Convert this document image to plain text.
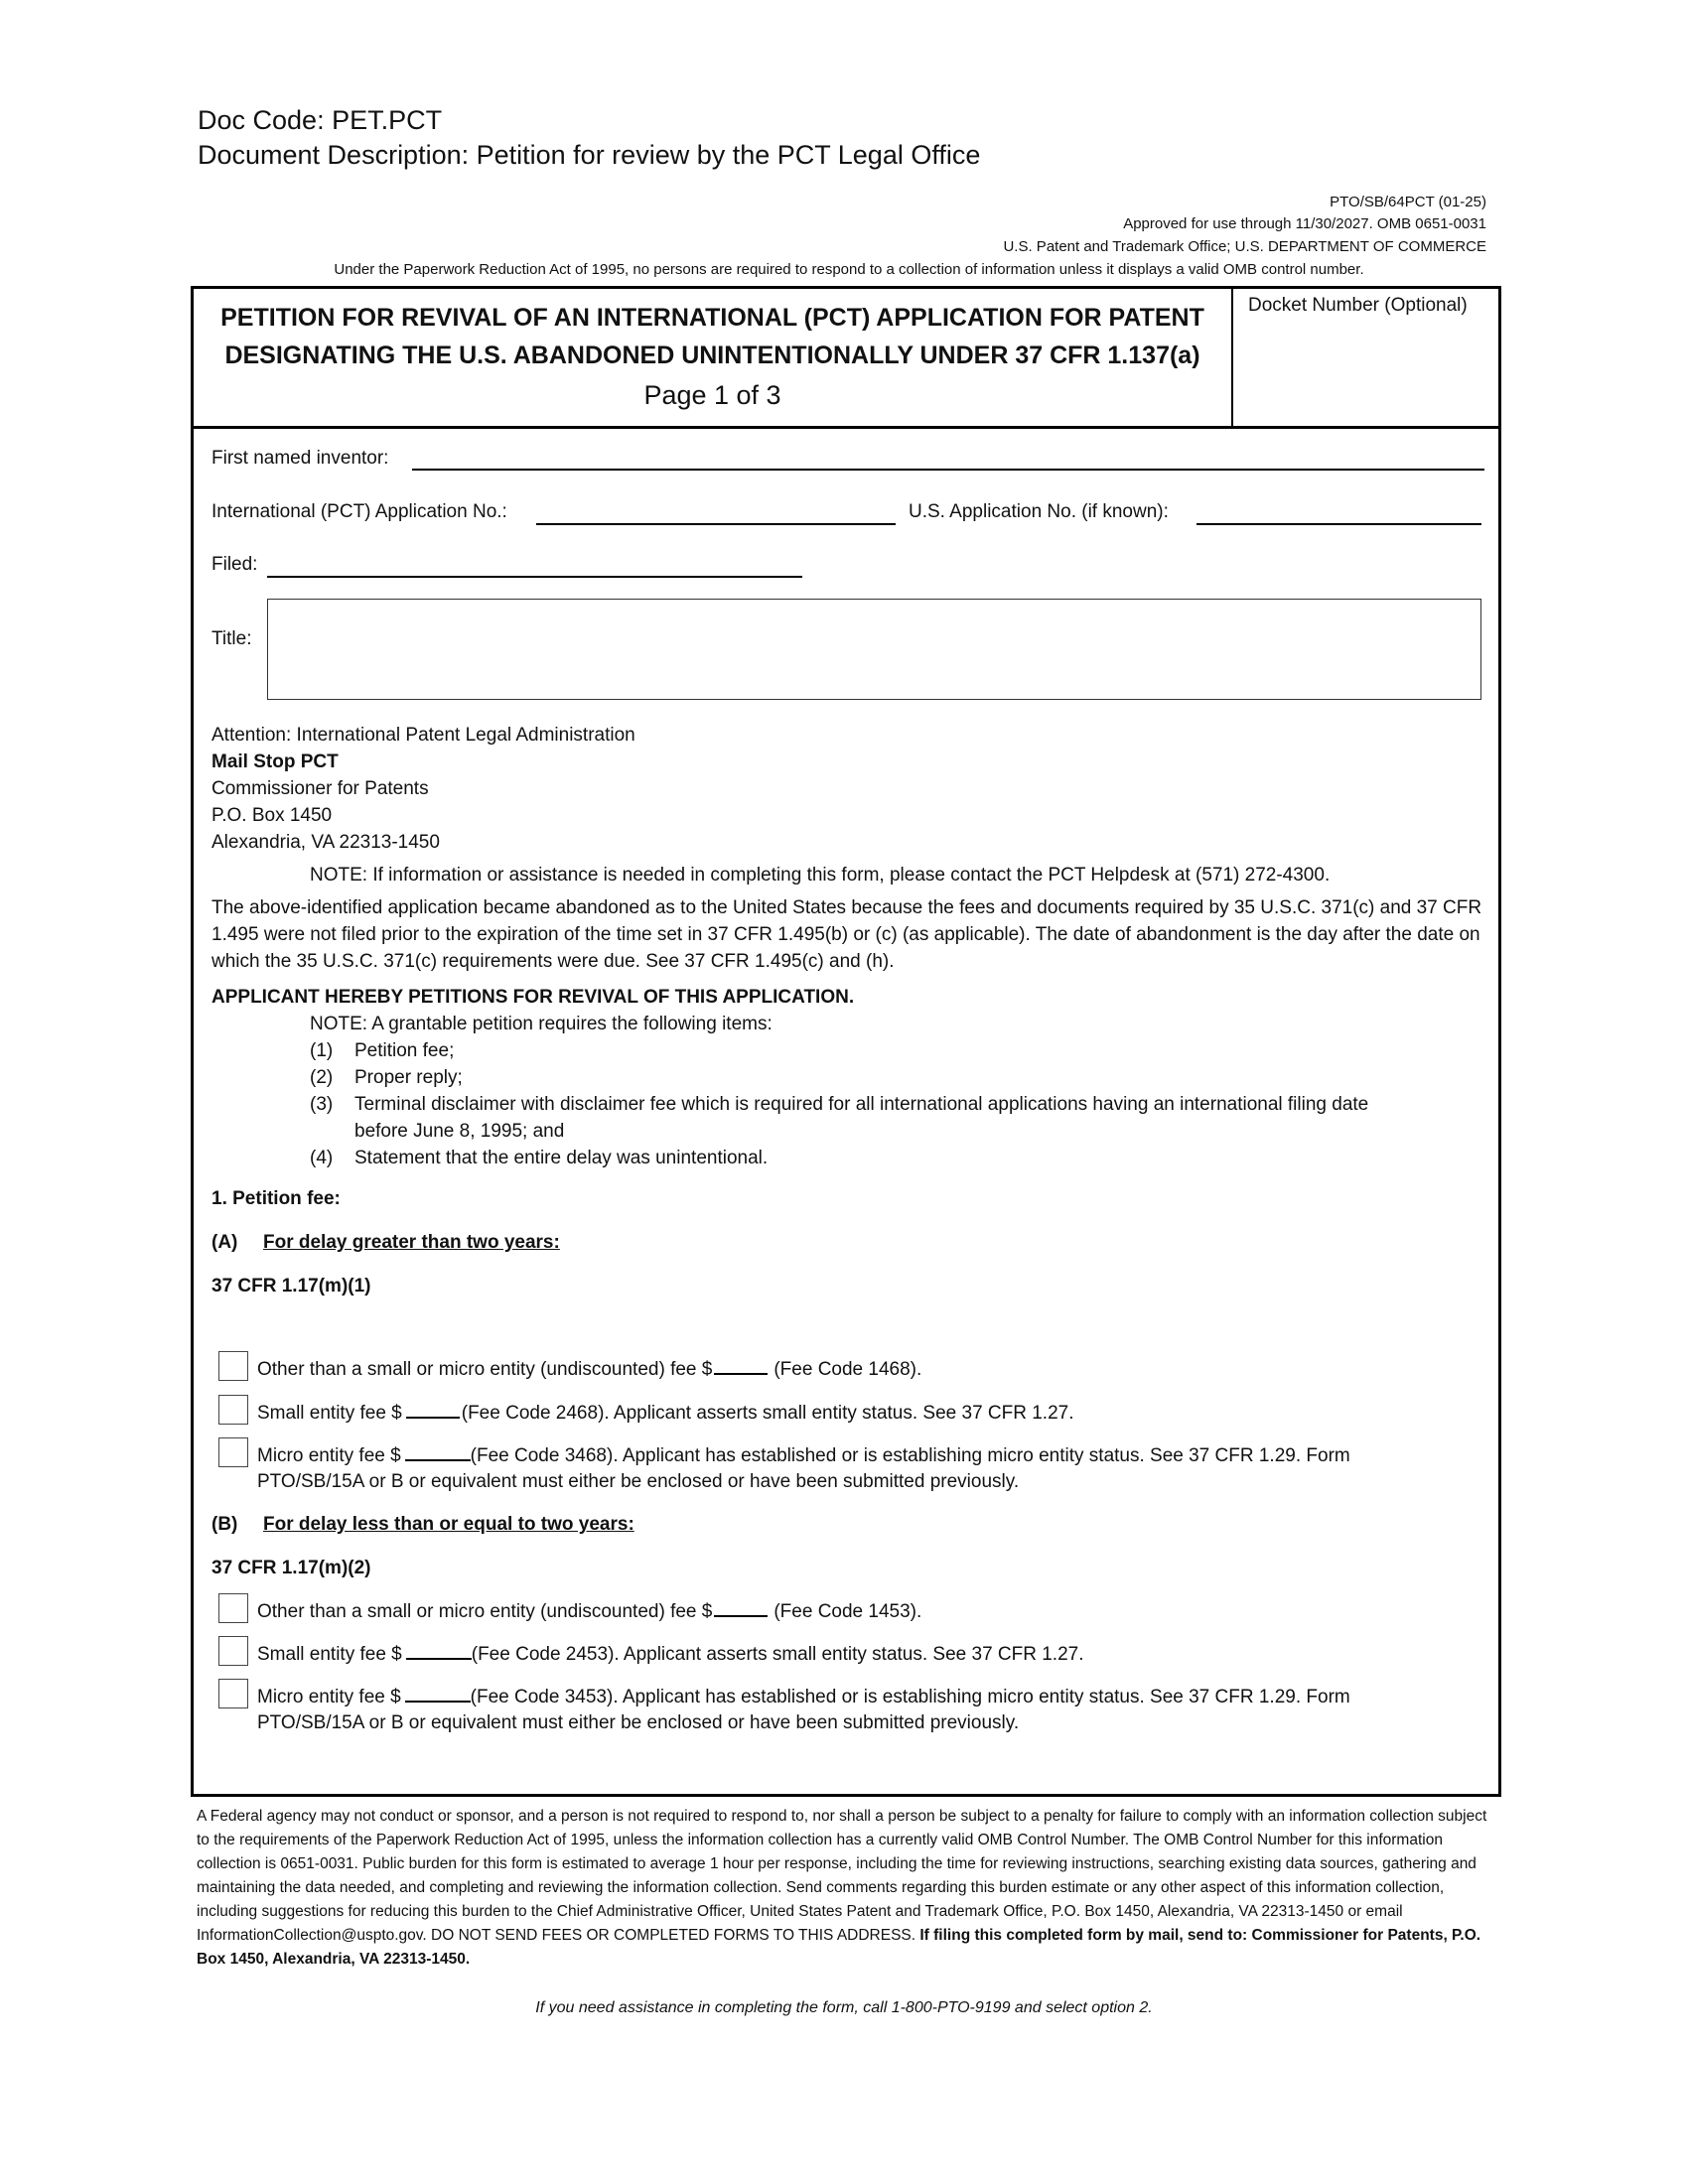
Doc Code: PET.PCT
Document Description: Petition for review by the PCT Legal Office
PTO/SB/64PCT (01-25)
Approved for use through 11/30/2027. OMB 0651-0031
U.S. Patent and Trademark Office; U.S. DEPARTMENT OF COMMERCE
Under the Paperwork Reduction Act of 1995, no persons are required to respond to a collection of information unless it displays a valid OMB control number.
PETITION FOR REVIVAL OF AN INTERNATIONAL (PCT) APPLICATION FOR PATENT
DESIGNATING THE U.S. ABANDONED UNINTENTIONALLY UNDER 37 CFR 1.137(a)
Page 1 of 3
Docket Number (Optional)
First named inventor:
International (PCT) Application No.:	U.S. Application No. (if known):
Filed:
Title:
Attention: International Patent Legal Administration
Mail Stop PCT
Commissioner for Patents
P.O. Box 1450
Alexandria, VA 22313-1450
NOTE: If information or assistance is needed in completing this form, please contact the PCT Helpdesk at (571) 272-4300.
The above-identified application became abandoned as to the United States because the fees and documents required by 35 U.S.C. 371(c) and 37 CFR 1.495 were not filed prior to the expiration of the time set in 37 CFR 1.495(b) or (c) (as applicable). The date of abandonment is the day after the date on which the 35 U.S.C. 371(c) requirements were due. See 37 CFR 1.495(c) and (h).
APPLICANT HEREBY PETITIONS FOR REVIVAL OF THIS APPLICATION.
NOTE: A grantable petition requires the following items:
(1) Petition fee;
(2) Proper reply;
(3) Terminal disclaimer with disclaimer fee which is required for all international applications having an international filing date
before June 8, 1995; and
(4) Statement that the entire delay was unintentional.
1. Petition fee:
(A) For delay greater than two years:
37 CFR 1.17(m)(1)
Other than a small or micro entity (undiscounted) fee $	(Fee Code 1468).
Small entity fee $	(Fee Code 2468). Applicant asserts small entity status. See 37 CFR 1.27.
Micro entity fee $	(Fee Code 3468). Applicant has established or is establishing micro entity status. See 37 CFR 1.29. Form
PTO/SB/15A or B or equivalent must either be enclosed or have been submitted previously.
(B) For delay less than or equal to two years:
37 CFR 1.17(m)(2)
Other than a small or micro entity (undiscounted) fee $	(Fee Code 1453).
Small entity fee $	(Fee Code 2453). Applicant asserts small entity status. See 37 CFR 1.27.
Micro entity fee $	(Fee Code 3453). Applicant has established or is establishing micro entity status. See 37 CFR 1.29. Form
PTO/SB/15A or B or equivalent must either be enclosed or have been submitted previously.
A Federal agency may not conduct or sponsor, and a person is not required to respond to, nor shall a person be subject to a penalty for failure to comply with an information collection subject to the requirements of the Paperwork Reduction Act of 1995, unless the information collection has a currently valid OMB Control Number. The OMB Control Number for this information collection is 0651-0031. Public burden for this form is estimated to average 1 hour per response, including the time for reviewing instructions, searching existing data sources, gathering and maintaining the data needed, and completing and reviewing the information collection. Send comments regarding this burden estimate or any other aspect of this information collection, including suggestions for reducing this burden to the Chief Administrative Officer, United States Patent and Trademark Office, P.O. Box 1450, Alexandria, VA 22313-1450 or email InformationCollection@uspto.gov. DO NOT SEND FEES OR COMPLETED FORMS TO THIS ADDRESS. If filing this completed form by mail, send to: Commissioner for Patents, P.O. Box 1450, Alexandria, VA 22313-1450.
If you need assistance in completing the form, call 1-800-PTO-9199 and select option 2.
